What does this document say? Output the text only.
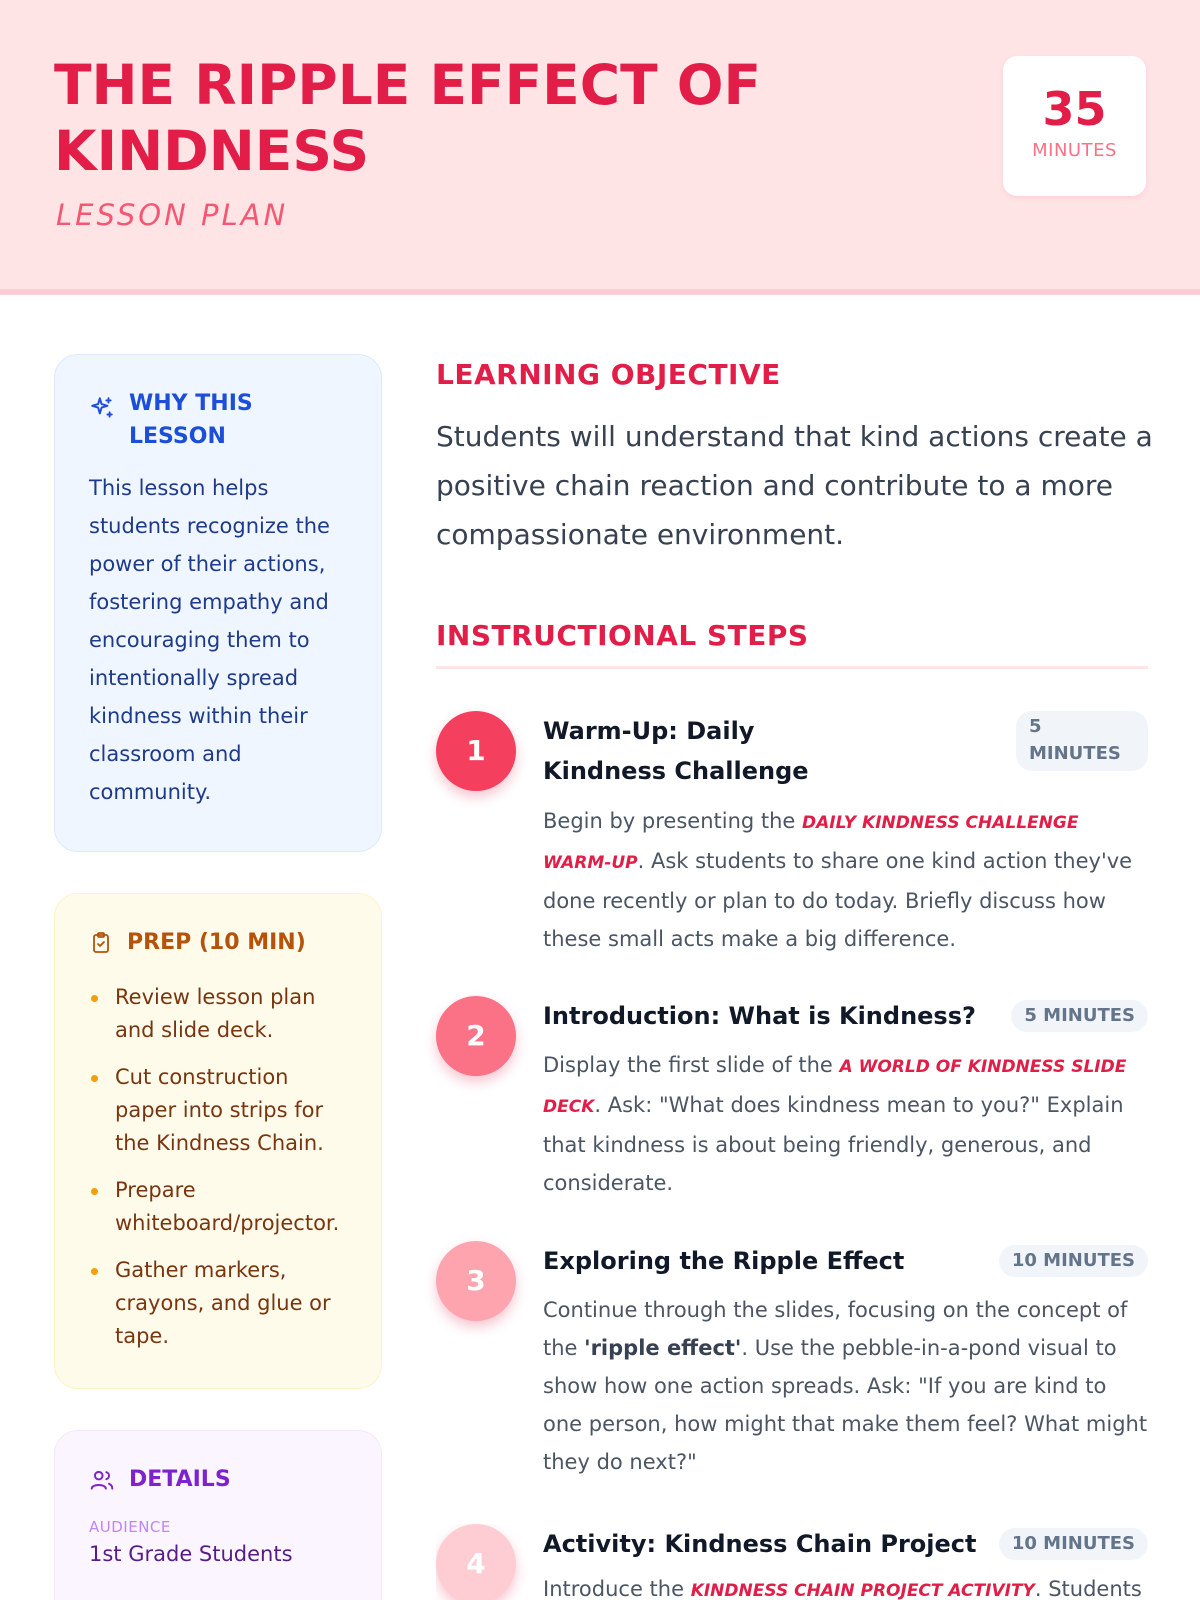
THE RIPPLE EFFECT OF KINDNESS
LESSON PLAN
35
MINUTES
WHY THIS LESSON

This lesson helps students recognize the power of their actions, fostering empathy and encouraging them to intentionally spread kindness within their classroom and community.

PREP (10 MIN)
Review lesson plan and slide deck.
Cut construction paper into strips for the Kindness Chain.
Prepare whiteboard/projector.
Gather markers, crayons, and glue or tape.
DETAILS
AUDIENCE
1st Grade Students
LEARNING OBJECTIVE

Students will understand that kind actions create a positive chain reaction and contribute to a more compassionate environment.

INSTRUCTIONAL STEPS
1
Warm-Up: Daily Kindness Challenge
5 MINUTES

Begin by presenting the DAILY KINDNESS CHALLENGE WARM-UP. Ask students to share one kind action they've done recently or plan to do today. Briefly discuss how these small acts make a big difference.

2
Introduction: What is Kindness?	5 MINUTES

Display the first slide of the A WORLD OF KINDNESS SLIDE DECK. Ask: "What does kindness mean to you?" Explain that kindness is about being friendly, generous, and considerate.

3
Exploring the Ripple Effect	10 MINUTES

Continue through the slides, focusing on the concept of the 'ripple effect'. Use the pebble-in-a-pond visual to show how one action spreads. Ask: "If you are kind to one person, how might that make them feel? What might they do next?"

4
Activity: Kindness Chain Project	10 MINUTES

Introduce the KINDNESS CHAIN PROJECT ACTIVITY. Students
